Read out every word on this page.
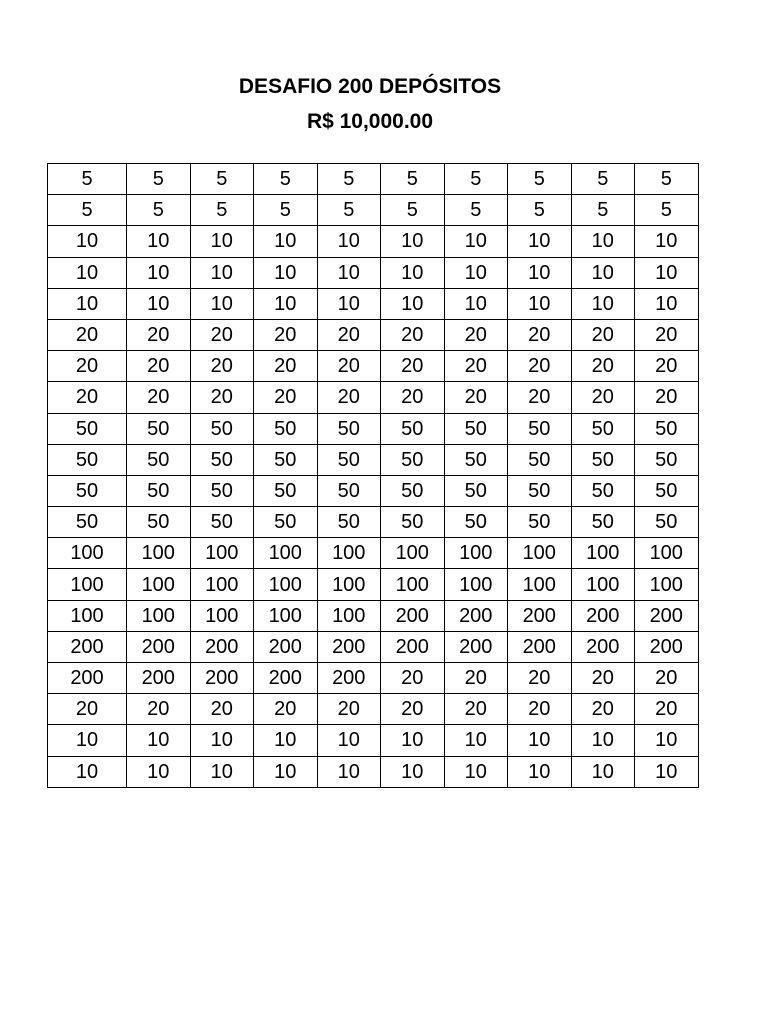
DESAFIO 200 DEPÓSITOS
R$ 10,000.00
5	5	5	5	5	5	5	5	5	5
5	5	5	5	5	5	5	5	5	5
10	10	10	10	10	10	10	10	10	10
10	10	10	10	10	10	10	10	10	10
10	10	10	10	10	10	10	10	10	10
20	20	20	20	20	20	20	20	20	20
20	20	20	20	20	20	20	20	20	20
20	20	20	20	20	20	20	20	20	20
50	50	50	50	50	50	50	50	50	50
50	50	50	50	50	50	50	50	50	50
50	50	50	50	50	50	50	50	50	50
50	50	50	50	50	50	50	50	50	50
100	100	100	100	100	100	100	100	100	100
100	100	100	100	100	100	100	100	100	100
100	100	100	100	100	200	200	200	200	200
200	200	200	200	200	200	200	200	200	200
200	200	200	200	200	20	20	20	20	20
20	20	20	20	20	20	20	20	20	20
10	10	10	10	10	10	10	10	10	10
10	10	10	10	10	10	10	10	10	10
